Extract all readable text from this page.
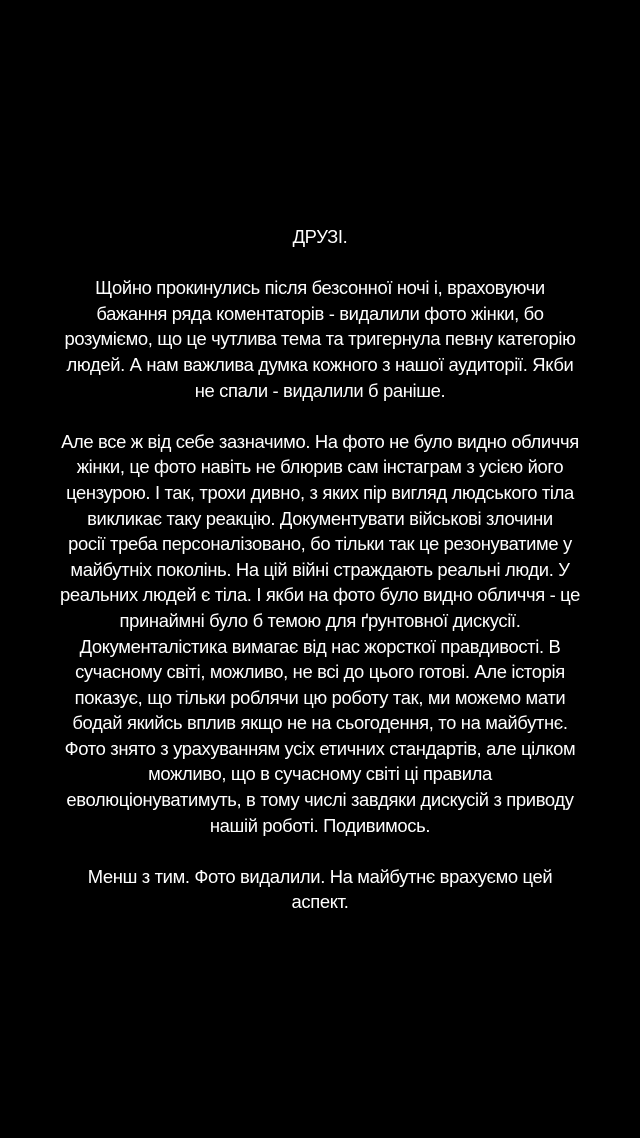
ДРУЗІ.

Щойно прокинулись після безсонної ночі і, враховуючи
бажання ряда коментаторів - видалили фото жінки, бо
розуміємо, що це чутлива тема та тригернула певну категорію
людей. А нам важлива думка кожного з нашої аудиторії. Якби
не спали - видалили б раніше.

Але все ж від себе зазначимо. На фото не було видно обличчя
жінки, це фото навіть не блюрив сам інстаграм з усією його
цензурою. І так, трохи дивно, з яких пір вигляд людського тіла
викликає таку реакцію. Документувати військові злочини
росії треба персоналізовано, бо тільки так це резонуватиме у
майбутніх поколінь. На цій війні страждають реальні люди. У
реальних людей є тіла. І якби на фото було видно обличчя - це
принаймні було б темою для ґрунтовної дискусії.
Документалістика вимагає від нас жорсткої правдивості. В
сучасному світі, можливо, не всі до цього готові. Але історія
показує, що тільки роблячи цю роботу так, ми можемо мати
бодай якийсь вплив якщо не на сьогодення, то на майбутнє.
Фото знято з урахуванням усіх етичних стандартів, але цілком
можливо, що в сучасному світі ці правила
еволюціонуватимуть, в тому числі завдяки дискусій з приводу
нашій роботі. Подивимось.

Менш з тим. Фото видалили. На майбутнє врахуємо цей
аспект.
